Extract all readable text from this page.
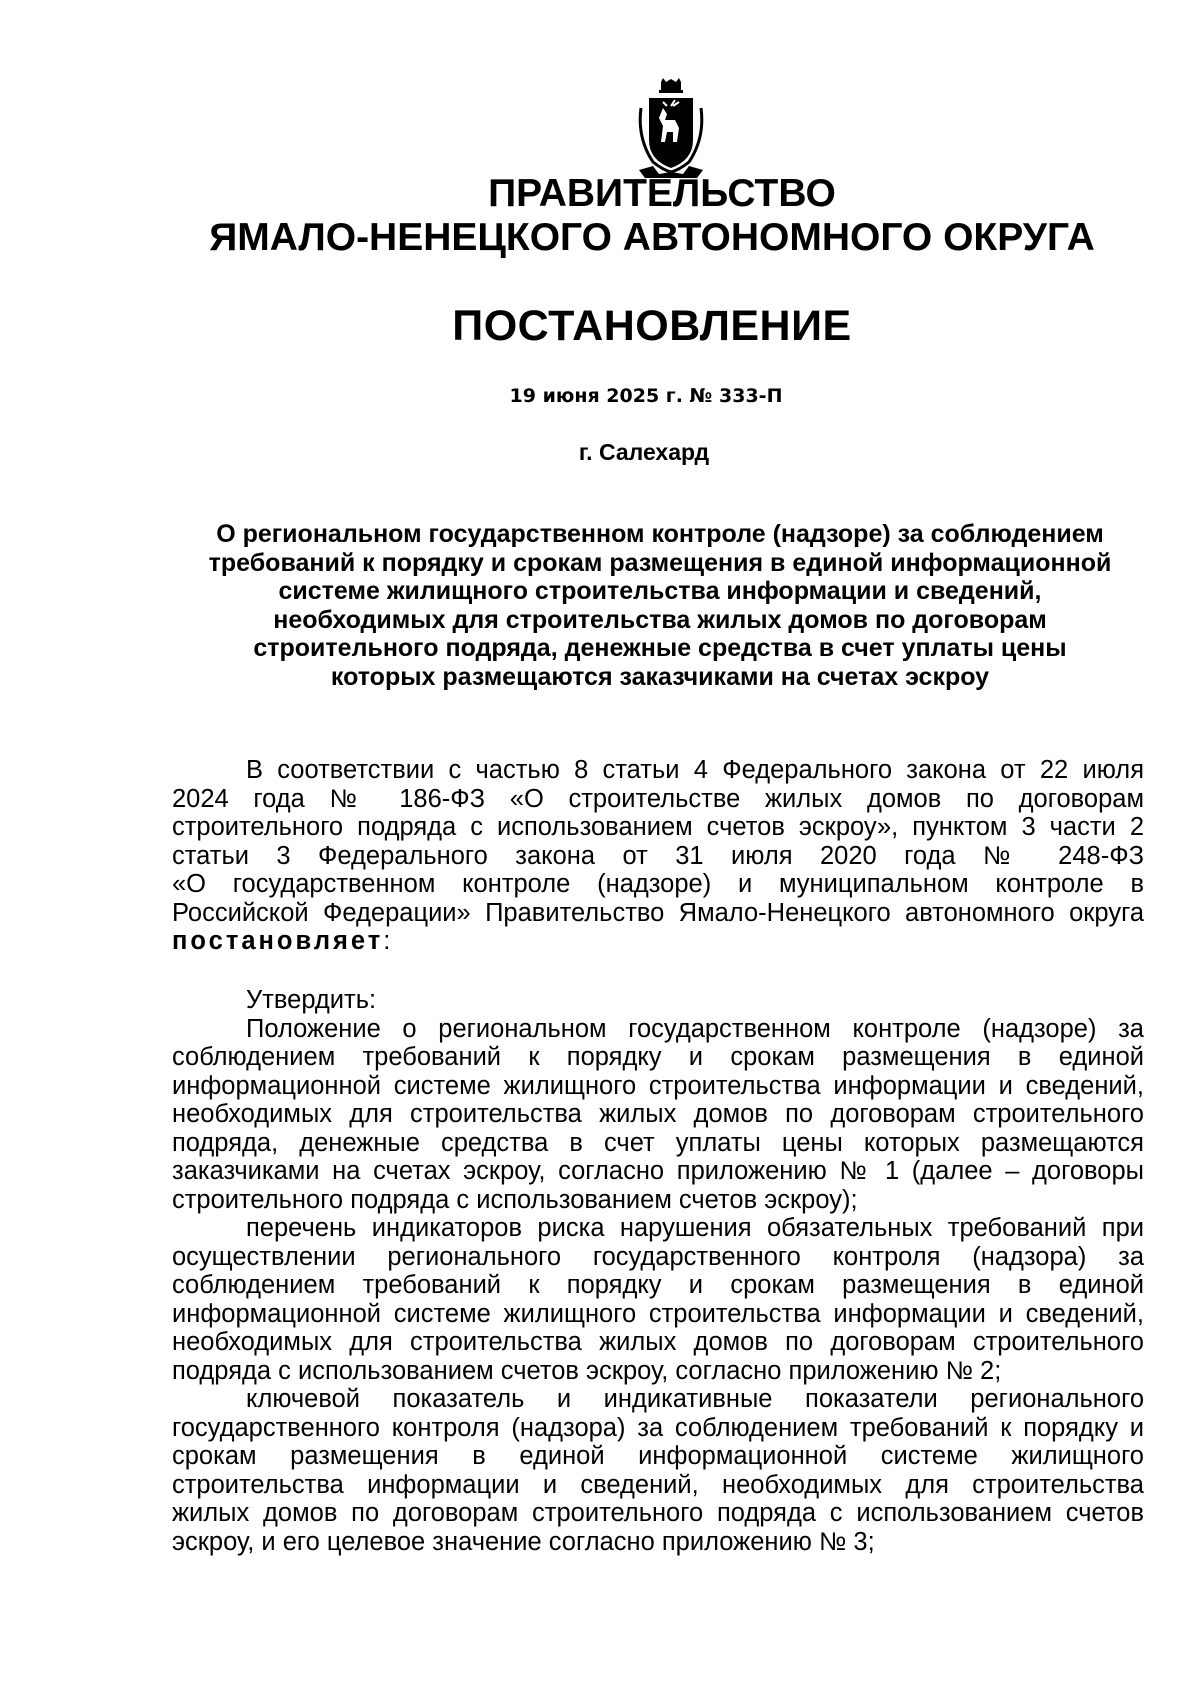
ПРАВИТЕЛЬСТВО
ЯМАЛО-НЕНЕЦКОГО АВТОНОМНОГО ОКРУГА
ПОСТАНОВЛЕНИЕ
19 июня 2025 г. № 333-П
г. Салехард
О региональном государственном контроле (надзоре) за соблюдением
требований к порядку и срокам размещения в единой информационной
системе жилищного строительства информации и сведений,
необходимых для строительства жилых домов по договорам
строительного подряда, денежные средства в счет уплаты цены
которых размещаются заказчиками на счетах эскроу
В соответствии с частью 8 статьи 4 Федерального закона от 22 июля
2024 года № 186-ФЗ «О строительстве жилых домов по договорам
строительного подряда с использованием счетов эскроу», пунктом 3 части 2
статьи 3 Федерального закона от 31 июля 2020 года № 248-ФЗ
«О государственном контроле (надзоре) и муниципальном контроле в
Российской Федерации» Правительство Ямало-Ненецкого автономного округа
постановляет:
Утвердить:
Положение о региональном государственном контроле (надзоре) за
соблюдением требований к порядку и срокам размещения в единой
информационной системе жилищного строительства информации и сведений,
необходимых для строительства жилых домов по договорам строительного
подряда, денежные средства в счет уплаты цены которых размещаются
заказчиками на счетах эскроу, согласно приложению № 1 (далее – договоры
строительного подряда с использованием счетов эскроу);
перечень индикаторов риска нарушения обязательных требований при
осуществлении регионального государственного контроля (надзора) за
соблюдением требований к порядку и срокам размещения в единой
информационной системе жилищного строительства информации и сведений,
необходимых для строительства жилых домов по договорам строительного
подряда с использованием счетов эскроу, согласно приложению № 2;
ключевой показатель и индикативные показатели регионального
государственного контроля (надзора) за соблюдением требований к порядку и
срокам размещения в единой информационной системе жилищного
строительства информации и сведений, необходимых для строительства
жилых домов по договорам строительного подряда с использованием счетов
эскроу, и его целевое значение согласно приложению № 3;
